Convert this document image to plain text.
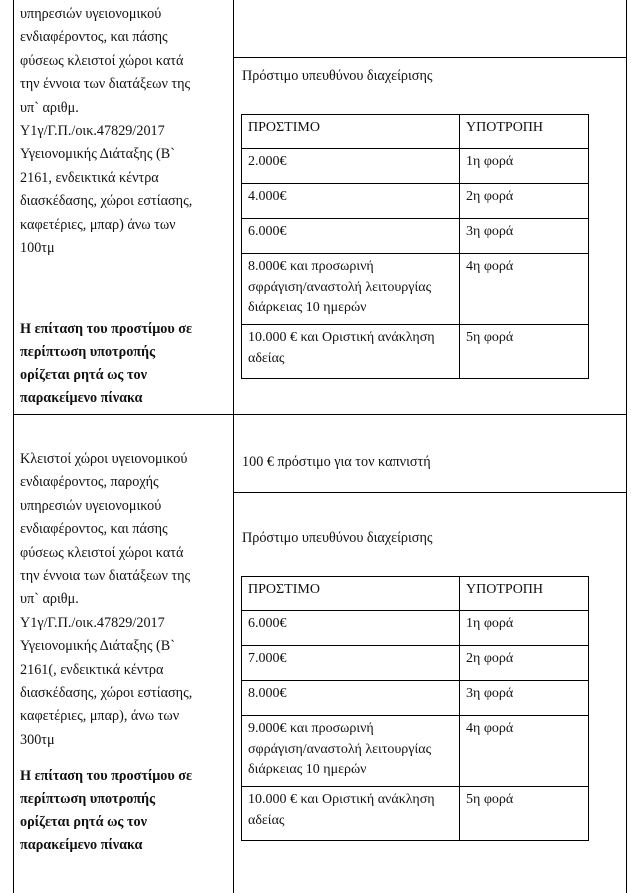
υπηρεσιών υγειονομικού
ενδιαφέροντος, και πάσης
φύσεως κλειστοί χώροι κατά
την έννοια των διατάξεων της
υπ` αριθμ.
Υ1γ/Γ.Π./οικ.47829/2017
Υγειονομικής Διάταξης (Β`
2161, ενδεικτικά κέντρα
διασκέδασης, χώροι εστίασης,
καφετέριες, μπαρ) άνω των
100τμ
Η επίταση του προστίμου σε
περίπτωση υποτροπής
ορίζεται ρητά ως τον
παρακείμενο πίνακα
Πρόστιμο υπευθύνου διαχείρισης
ΠΡΟΣΤΙΜΟ	ΥΠΟΤΡΟΠΗ

2.000€	1η φορά

4.000€	2η φορά

6.000€	3η φορά

8.000€ και προσωρινή
σφράγιση/αναστολή λειτουργίας
διάρκειας 10 ημερών	4η φορά

10.000 € και Οριστική ανάκληση
αδείας	5η φορά
Κλειστοί χώροι υγειονομικού
ενδιαφέροντος, παροχής
υπηρεσιών υγειονομικού
ενδιαφέροντος, και πάσης
φύσεως κλειστοί χώροι κατά
την έννοια των διατάξεων της
υπ` αριθμ.
Υ1γ/Γ.Π./οικ.47829/2017
Υγειονομικής Διάταξης (Β`
2161(, ενδεικτικά κέντρα
διασκέδασης, χώροι εστίασης,
καφετέριες, μπαρ), άνω των
300τμ
Η επίταση του προστίμου σε
περίπτωση υποτροπής
ορίζεται ρητά ως τον
παρακείμενο πίνακα
100 € πρόστιμο για τον καπνιστή
Πρόστιμο υπευθύνου διαχείρισης
ΠΡΟΣΤΙΜΟ	ΥΠΟΤΡΟΠΗ

6.000€	1η φορά

7.000€	2η φορά

8.000€	3η φορά

9.000€ και προσωρινή
σφράγιση/αναστολή λειτουργίας
διάρκειας 10 ημερών	4η φορά

10.000 € και Οριστική ανάκληση
αδείας	5η φορά
